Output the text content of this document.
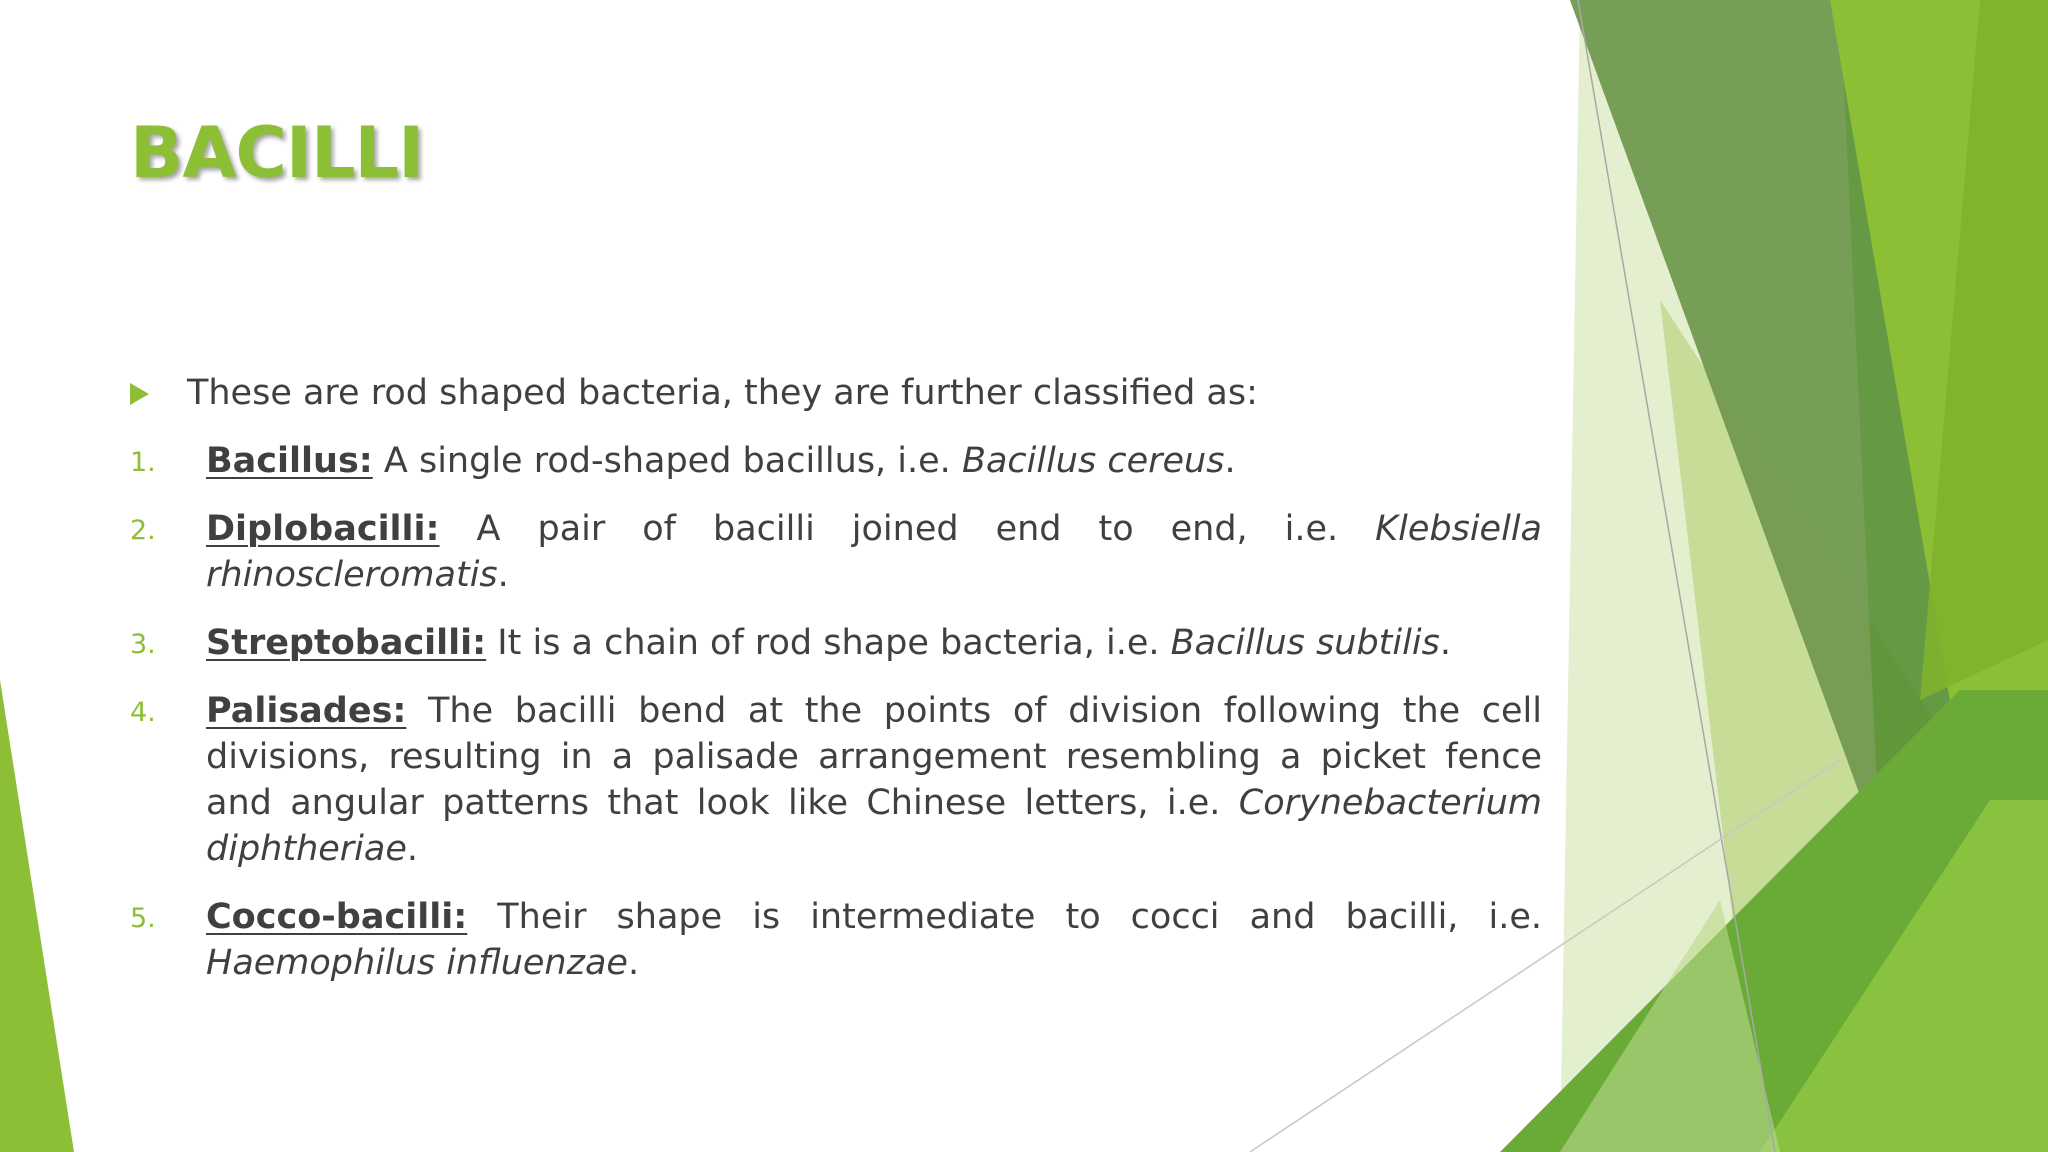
BACILLI
These are rod shaped bacteria, they are further classified as:
1. Bacillus: A single rod-shaped bacillus, i.e. Bacillus cereus.
2. Diplobacilli: A pair of bacilli joined end to end, i.e. Klebsiella rhinoscleromatis.
3. Streptobacilli: It is a chain of rod shape bacteria, i.e. Bacillus subtilis.
4. Palisades: The bacilli bend at the points of division following the cell divisions, resulting in a palisade arrangement resembling a picket fence and angular patterns that look like Chinese letters, i.e. Corynebacterium diphtheriae.
5. Cocco-bacilli: Their shape is intermediate to cocci and bacilli, i.e. Haemophilus influenzae.
